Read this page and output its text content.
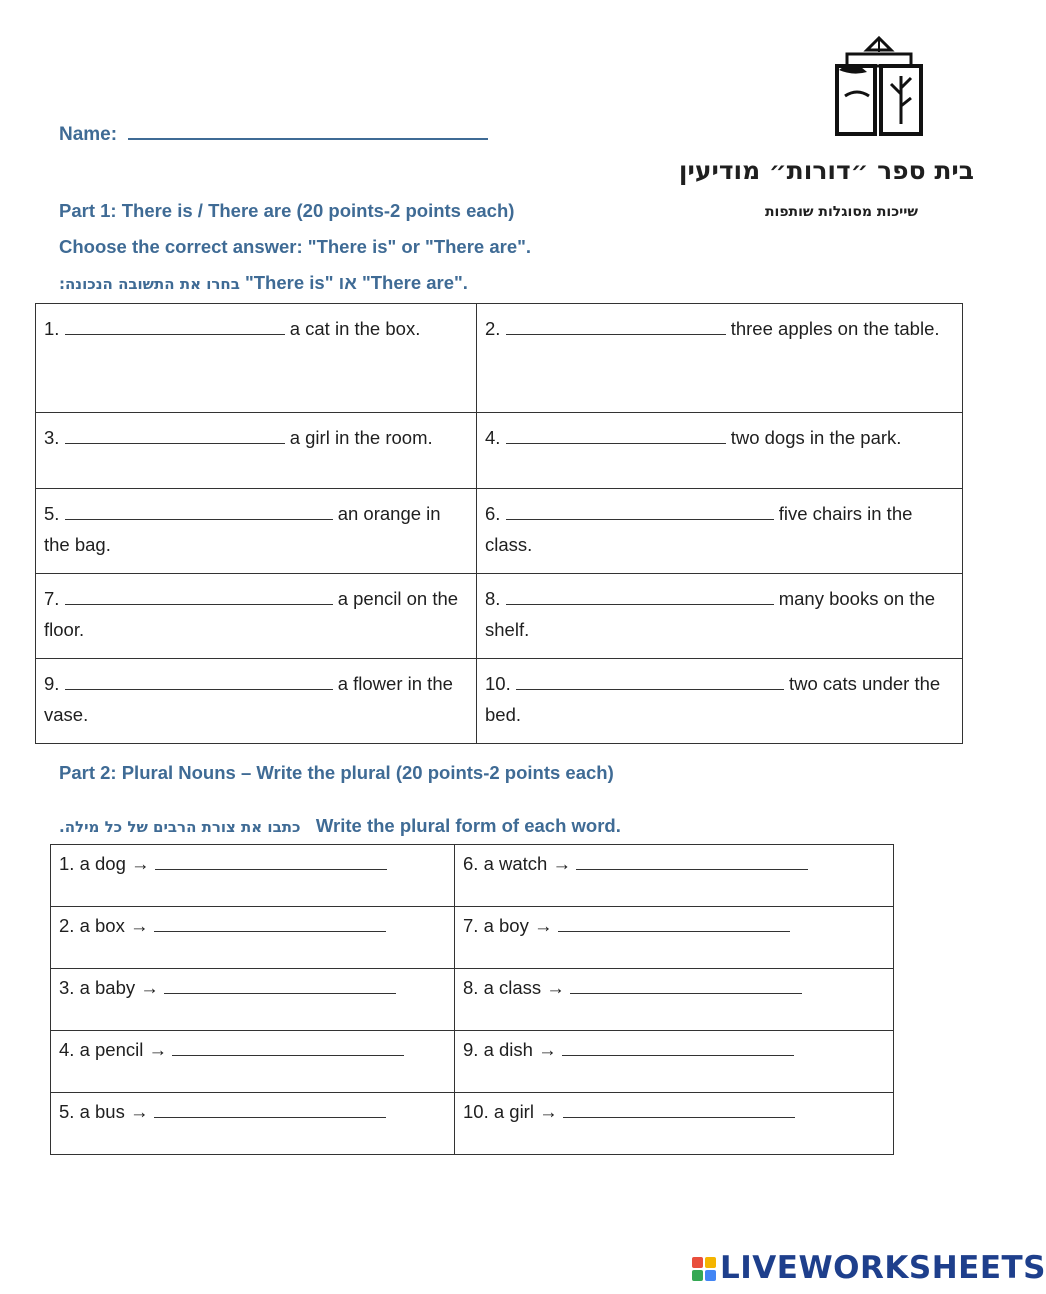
בית ספר ״דורות״ מודיעין
שייכות מסוגלות שותפות
Name:
Part 1: There is / There are (20 points-2 points each)
Choose the correct answer: "There is" or "There are".
בחרו את התשובה הנכונה: "There is" או "There are".
1. a cat in the box.	2. three apples on the table.
3. a girl in the room.	4. two dogs in the park.
5. an orange in the bag.	6. five chairs in the class.
7. a pencil on the floor.	8. many books on the shelf.
9. a flower in the vase.	10. two cats under the bed.
Part 2: Plural Nouns – Write the plural (20 points-2 points each)
כתבו את צורת הרבים של כל מילה. Write the plural form of each word.
1. a dog →	6. a watch →
2. a box →	7. a boy →
3. a baby →	8. a class →
4. a pencil →	9. a dish →
5. a bus →	10. a girl →
LIVEWORKSHEETS
